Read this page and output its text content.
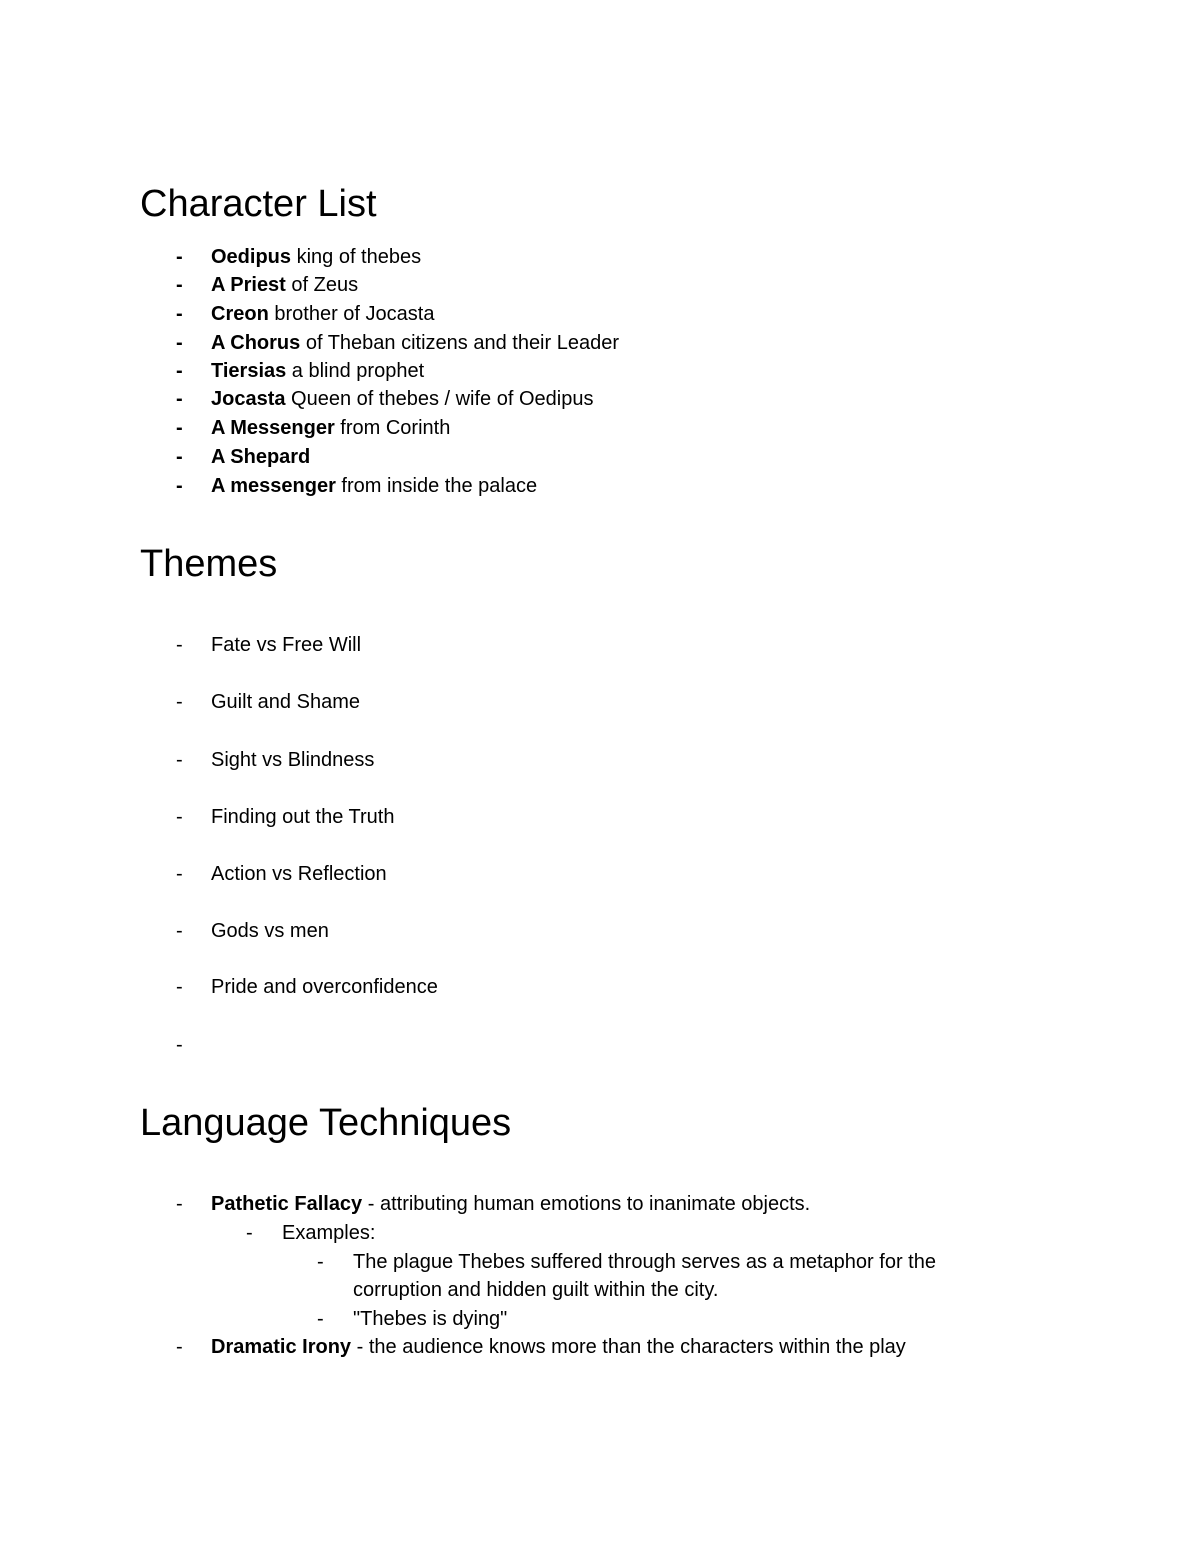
Character List
- Oedipus king of thebes
- A Priest of Zeus
- Creon brother of Jocasta
- A Chorus of Theban citizens and their Leader
- Tiersias a blind prophet
- Jocasta Queen of thebes / wife of Oedipus
- A Messenger from Corinth
- A Shepard
- A messenger from inside the palace
Themes
- Fate vs Free Will
- Guilt and Shame
- Sight vs Blindness
- Finding out the Truth
- Action vs Reflection
- Gods vs men
- Pride and overconfidence
-
Language Techniques
- Pathetic Fallacy - attributing human emotions to inanimate objects.
- Examples:
- The plague Thebes suffered through serves as a metaphor for the
corruption and hidden guilt within the city.
- "Thebes is dying"
- Dramatic Irony - the audience knows more than the characters within the play
